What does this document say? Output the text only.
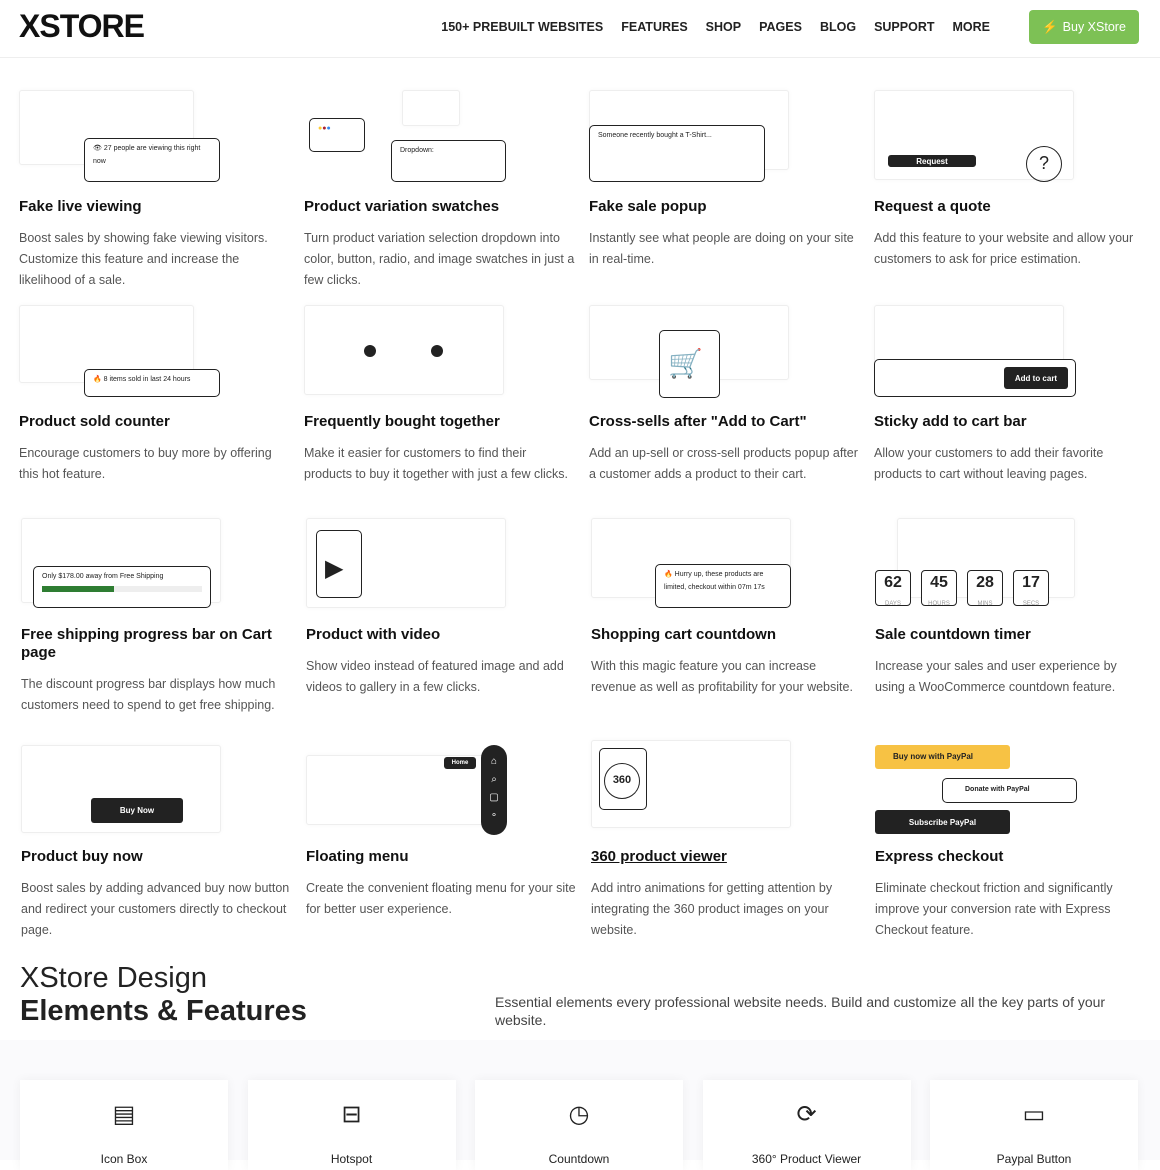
XSTORE	150+ PREBUILT WEBSITES FEATURES SHOP PAGES BLOG SUPPORT MORE	⚡ Buy XStore
👁 27 people are viewing this right now
Fake live viewing
Boost sales by showing fake viewing visitors. Customize this feature and increase the likelihood of a sale.
●●●
Dropdown:
Product variation swatches
Turn product variation selection dropdown into color, button, radio, and image swatches in just a few clicks.
Someone recently bought a T-Shirt...
Fake sale popup
Instantly see what people are doing on your site in real-time.
Request	?
Request a quote
Add this feature to your website and allow your customers to ask for price estimation.
🔥 8 items sold in last 24 hours
Product sold counter
Encourage customers to buy more by offering this hot feature.
Frequently bought together
Make it easier for customers to find their products to buy it together with just a few clicks.
🛒
Cross-sells after "Add to Cart"
Add an up-sell or cross-sell products popup after a customer adds a product to their cart.
Add to cart
Sticky add to cart bar
Allow your customers to add their favorite products to cart without leaving pages.
Only $178.00 away from Free Shipping
Free shipping progress bar on Cart page
The discount progress bar displays how much customers need to spend to get free shipping.
▶
Product with video
Show video instead of featured image and add videos to gallery in a few clicks.
🔥 Hurry up, these products are limited, checkout within 07m 17s
Shopping cart countdown
With this magic feature you can increase revenue as well as profitability for your website.
62
DAYS
45
HOURS
28
MINS
17
SECS
Sale countdown timer
Increase your sales and user experience by using a WooCommerce countdown feature.
Buy Now
Product buy now
Boost sales by adding advanced buy now button and redirect your customers directly to checkout page.
⌂
⌕
▢
∘
Home
Floating menu
Create the convenient floating menu for your site for better user experience.
360
360 product viewer
Add intro animations for getting attention by integrating the 360 product images on your website.
Buy now with PayPal
Donate with PayPal
Subscribe PayPal
Express checkout
Eliminate checkout friction and significantly improve your conversion rate with Express Checkout feature.
XStore Design
Elements & Features	Essential elements every professional website needs. Build and customize all the key parts of your website.
▤
Icon Box
⊟
Hotspot
◷
Countdown
⟳
360° Product Viewer
▭
Paypal Button
